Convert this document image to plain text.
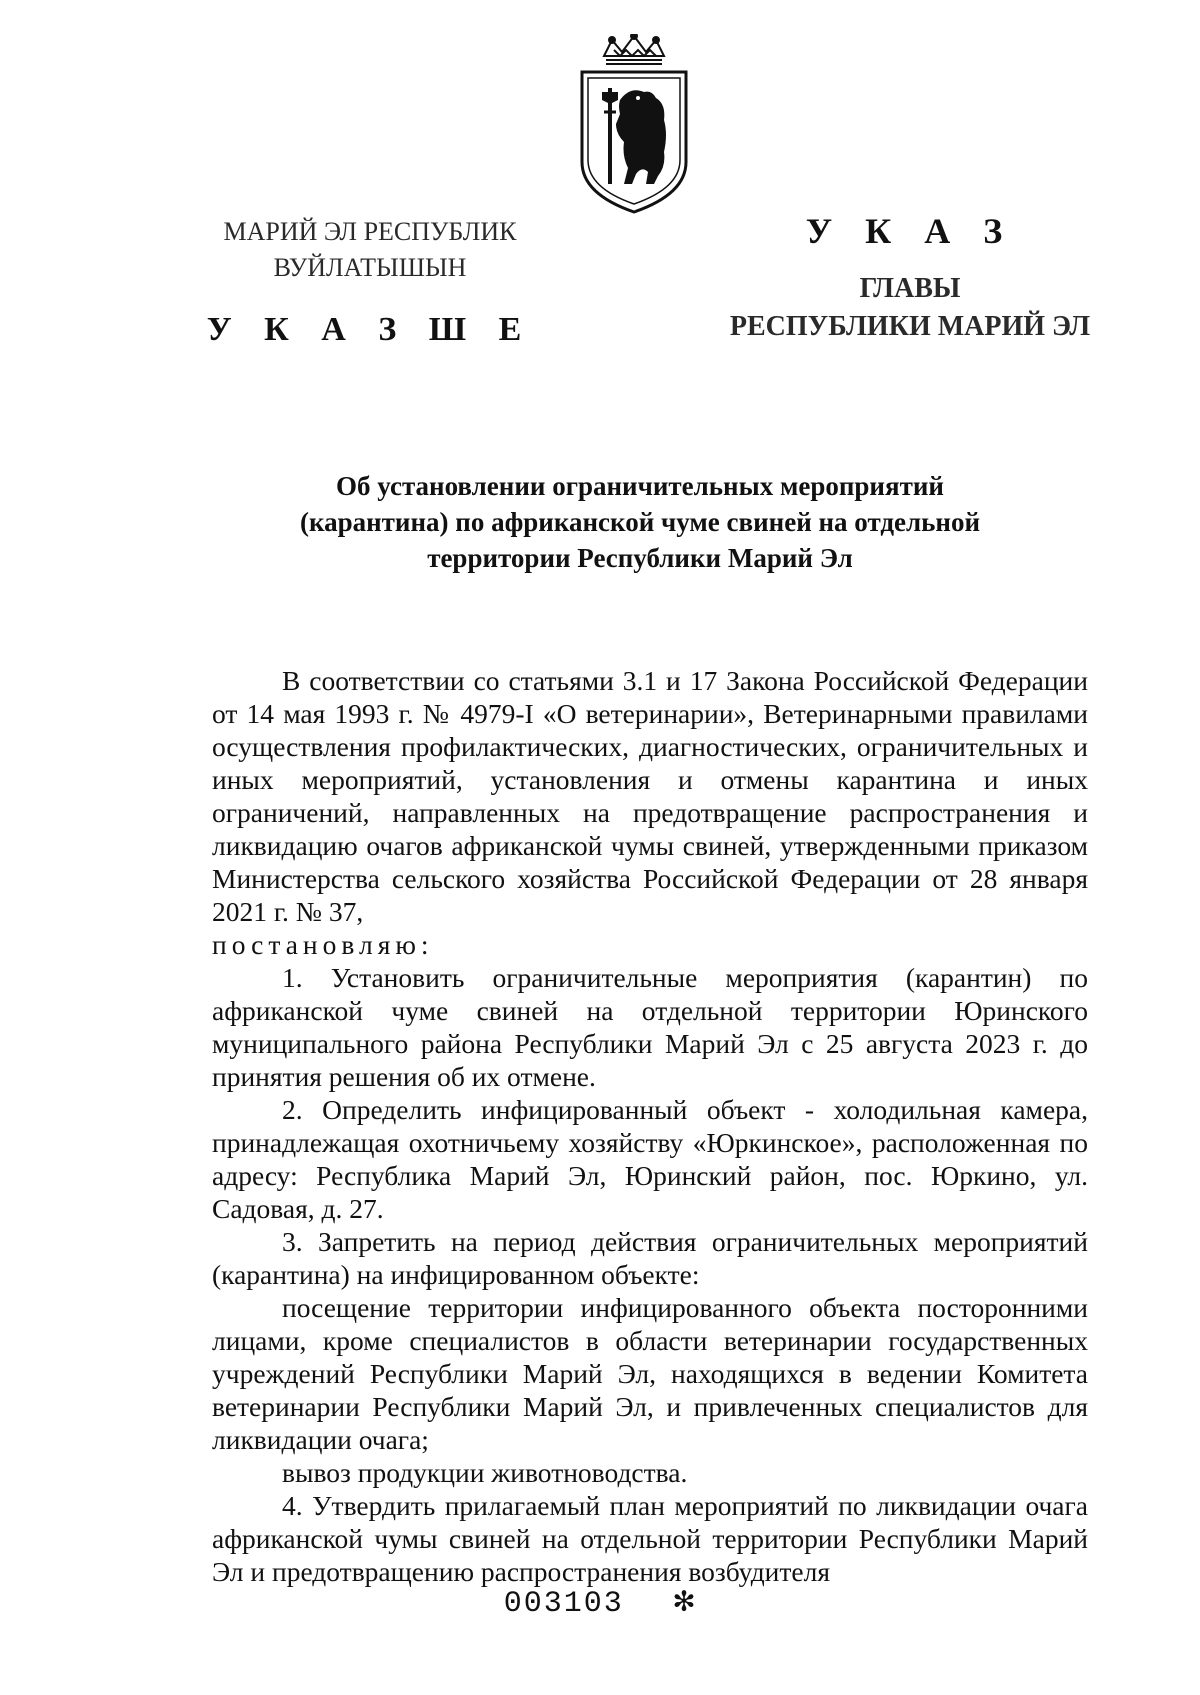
МАРИЙ ЭЛ РЕСПУБЛИК
ВУЙЛАТЫШЫН
У К А З Ш Е
У К А З
ГЛАВЫ
РЕСПУБЛИКИ МАРИЙ ЭЛ
Об установлении ограничительных мероприятий
(карантина) по африканской чуме свиней на отдельной
территории Республики Марий Эл

В соответствии со статьями 3.1 и 17 Закона Российской Федерации от 14 мая 1993 г. № 4979-I «О ветеринарии», Ветеринарными правилами осуществления профилактических, диагностических, ограничительных и иных мероприятий, установления и отмены карантина и иных ограничений, направленных на предотвращение распространения и ликвидацию очагов африканской чумы свиней, утвержденными приказом Министерства сельского хозяйства Российской Федерации от 28 января 2021 г. № 37,

постановляю:

1. Установить ограничительные мероприятия (карантин) по африканской чуме свиней на отдельной территории Юринского муниципального района Республики Марий Эл с 25 августа 2023 г. до принятия решения об их отмене.

2. Определить инфицированный объект - холодильная камера, принадлежащая охотничьему хозяйству «Юркинское», расположенная по адресу: Республика Марий Эл, Юринский район, пос. Юркино, ул. Садовая, д. 27.

3. Запретить на период действия ограничительных мероприятий (карантина) на инфицированном объекте:

посещение территории инфицированного объекта посторонними лицами, кроме специалистов в области ветеринарии государственных учреждений Республики Марий Эл, находящихся в ведении Комитета ветеринарии Республики Марий Эл, и привлеченных специалистов для ликвидации очага;

вывоз продукции животноводства.

4. Утвердить прилагаемый план мероприятий по ликвидации очага африканской чумы свиней на отдельной территории Республики Марий Эл и предотвращению распространения возбудителя

003103 ✻
